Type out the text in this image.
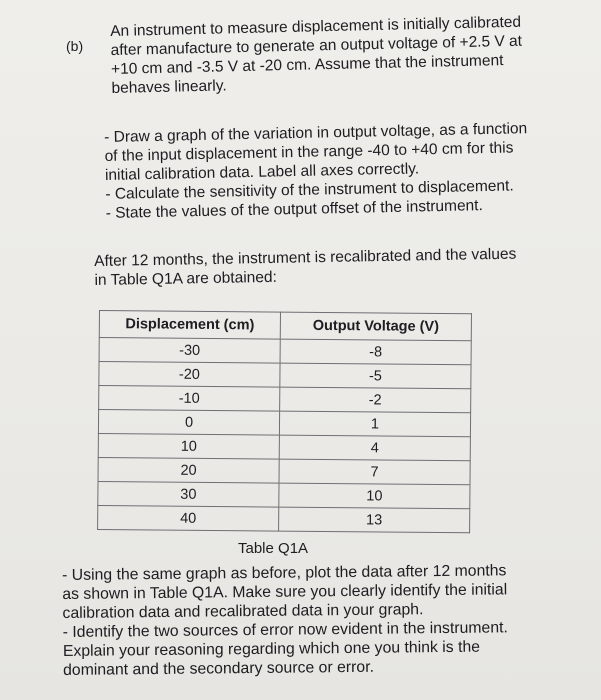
(b)

An instrument to measure displacement is initially calibrated

after manufacture to generate an output voltage of +2.5 V at

+10 cm and -3.5 V at -20 cm. Assume that the instrument

behaves linearly.

- Draw a graph of the variation in output voltage, as a function

of the input displacement in the range -40 to +40 cm for this

initial calibration data. Label all axes correctly.

- Calculate the sensitivity of the instrument to displacement.

- State the values of the output offset of the instrument.

After 12 months, the instrument is recalibrated and the values

in Table Q1A are obtained:

Displacement (cm)	Output Voltage (V)
-30	-8
-20	-5
-10	-2
0	1
10	4
20	7
30	10
40	13
Table Q1A

- Using the same graph as before, plot the data after 12 months

as shown in Table Q1A. Make sure you clearly identify the initial

calibration data and recalibrated data in your graph.

- Identify the two sources of error now evident in the instrument.

Explain your reasoning regarding which one you think is the

dominant and the secondary source or error.
